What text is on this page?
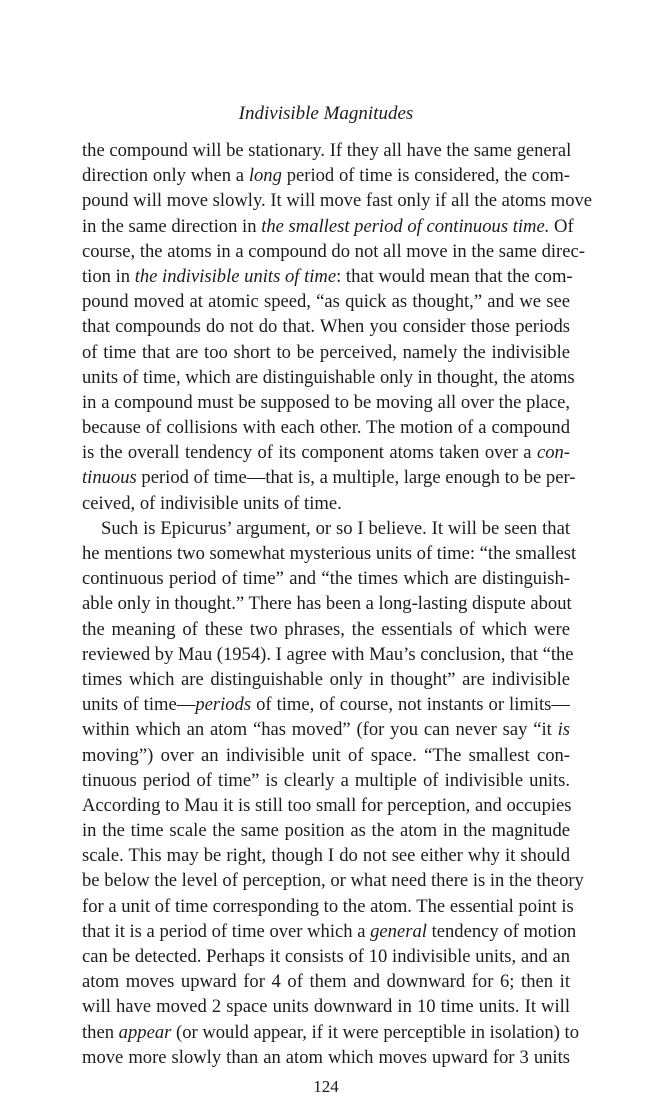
Indivisible Magnitudes
the compound will be stationary. If they all have the same general
direction only when a long period of time is considered, the com-
pound will move slowly. It will move fast only if all the atoms move
in the same direction in the smallest period of continuous time. Of
course, the atoms in a compound do not all move in the same direc-
tion in the indivisible units of time: that would mean that the com-
pound moved at atomic speed, “as quick as thought,” and we see
that compounds do not do that. When you consider those periods
of time that are too short to be perceived, namely the indivisible
units of time, which are distinguishable only in thought, the atoms
in a compound must be supposed to be moving all over the place,
because of collisions with each other. The motion of a compound
is the overall tendency of its component atoms taken over a con-
tinuous period of time—that is, a multiple, large enough to be per-
ceived, of indivisible units of time.
Such is Epicurus’ argument, or so I believe. It will be seen that
he mentions two somewhat mysterious units of time: “the smallest
continuous period of time” and “the times which are distinguish-
able only in thought.” There has been a long-lasting dispute about
the meaning of these two phrases, the essentials of which were
reviewed by Mau (1954). I agree with Mau’s conclusion, that “the
times which are distinguishable only in thought” are indivisible
units of time—periods of time, of course, not instants or limits—
within which an atom “has moved” (for you can never say “it is
moving”) over an indivisible unit of space. “The smallest con-
tinuous period of time” is clearly a multiple of indivisible units.
According to Mau it is still too small for perception, and occupies
in the time scale the same position as the atom in the magnitude
scale. This may be right, though I do not see either why it should
be below the level of perception, or what need there is in the theory
for a unit of time corresponding to the atom. The essential point is
that it is a period of time over which a general tendency of motion
can be detected. Perhaps it consists of 10 indivisible units, and an
atom moves upward for 4 of them and downward for 6; then it
will have moved 2 space units downward in 10 time units. It will
then appear (or would appear, if it were perceptible in isolation) to
move more slowly than an atom which moves upward for 3 units
124
